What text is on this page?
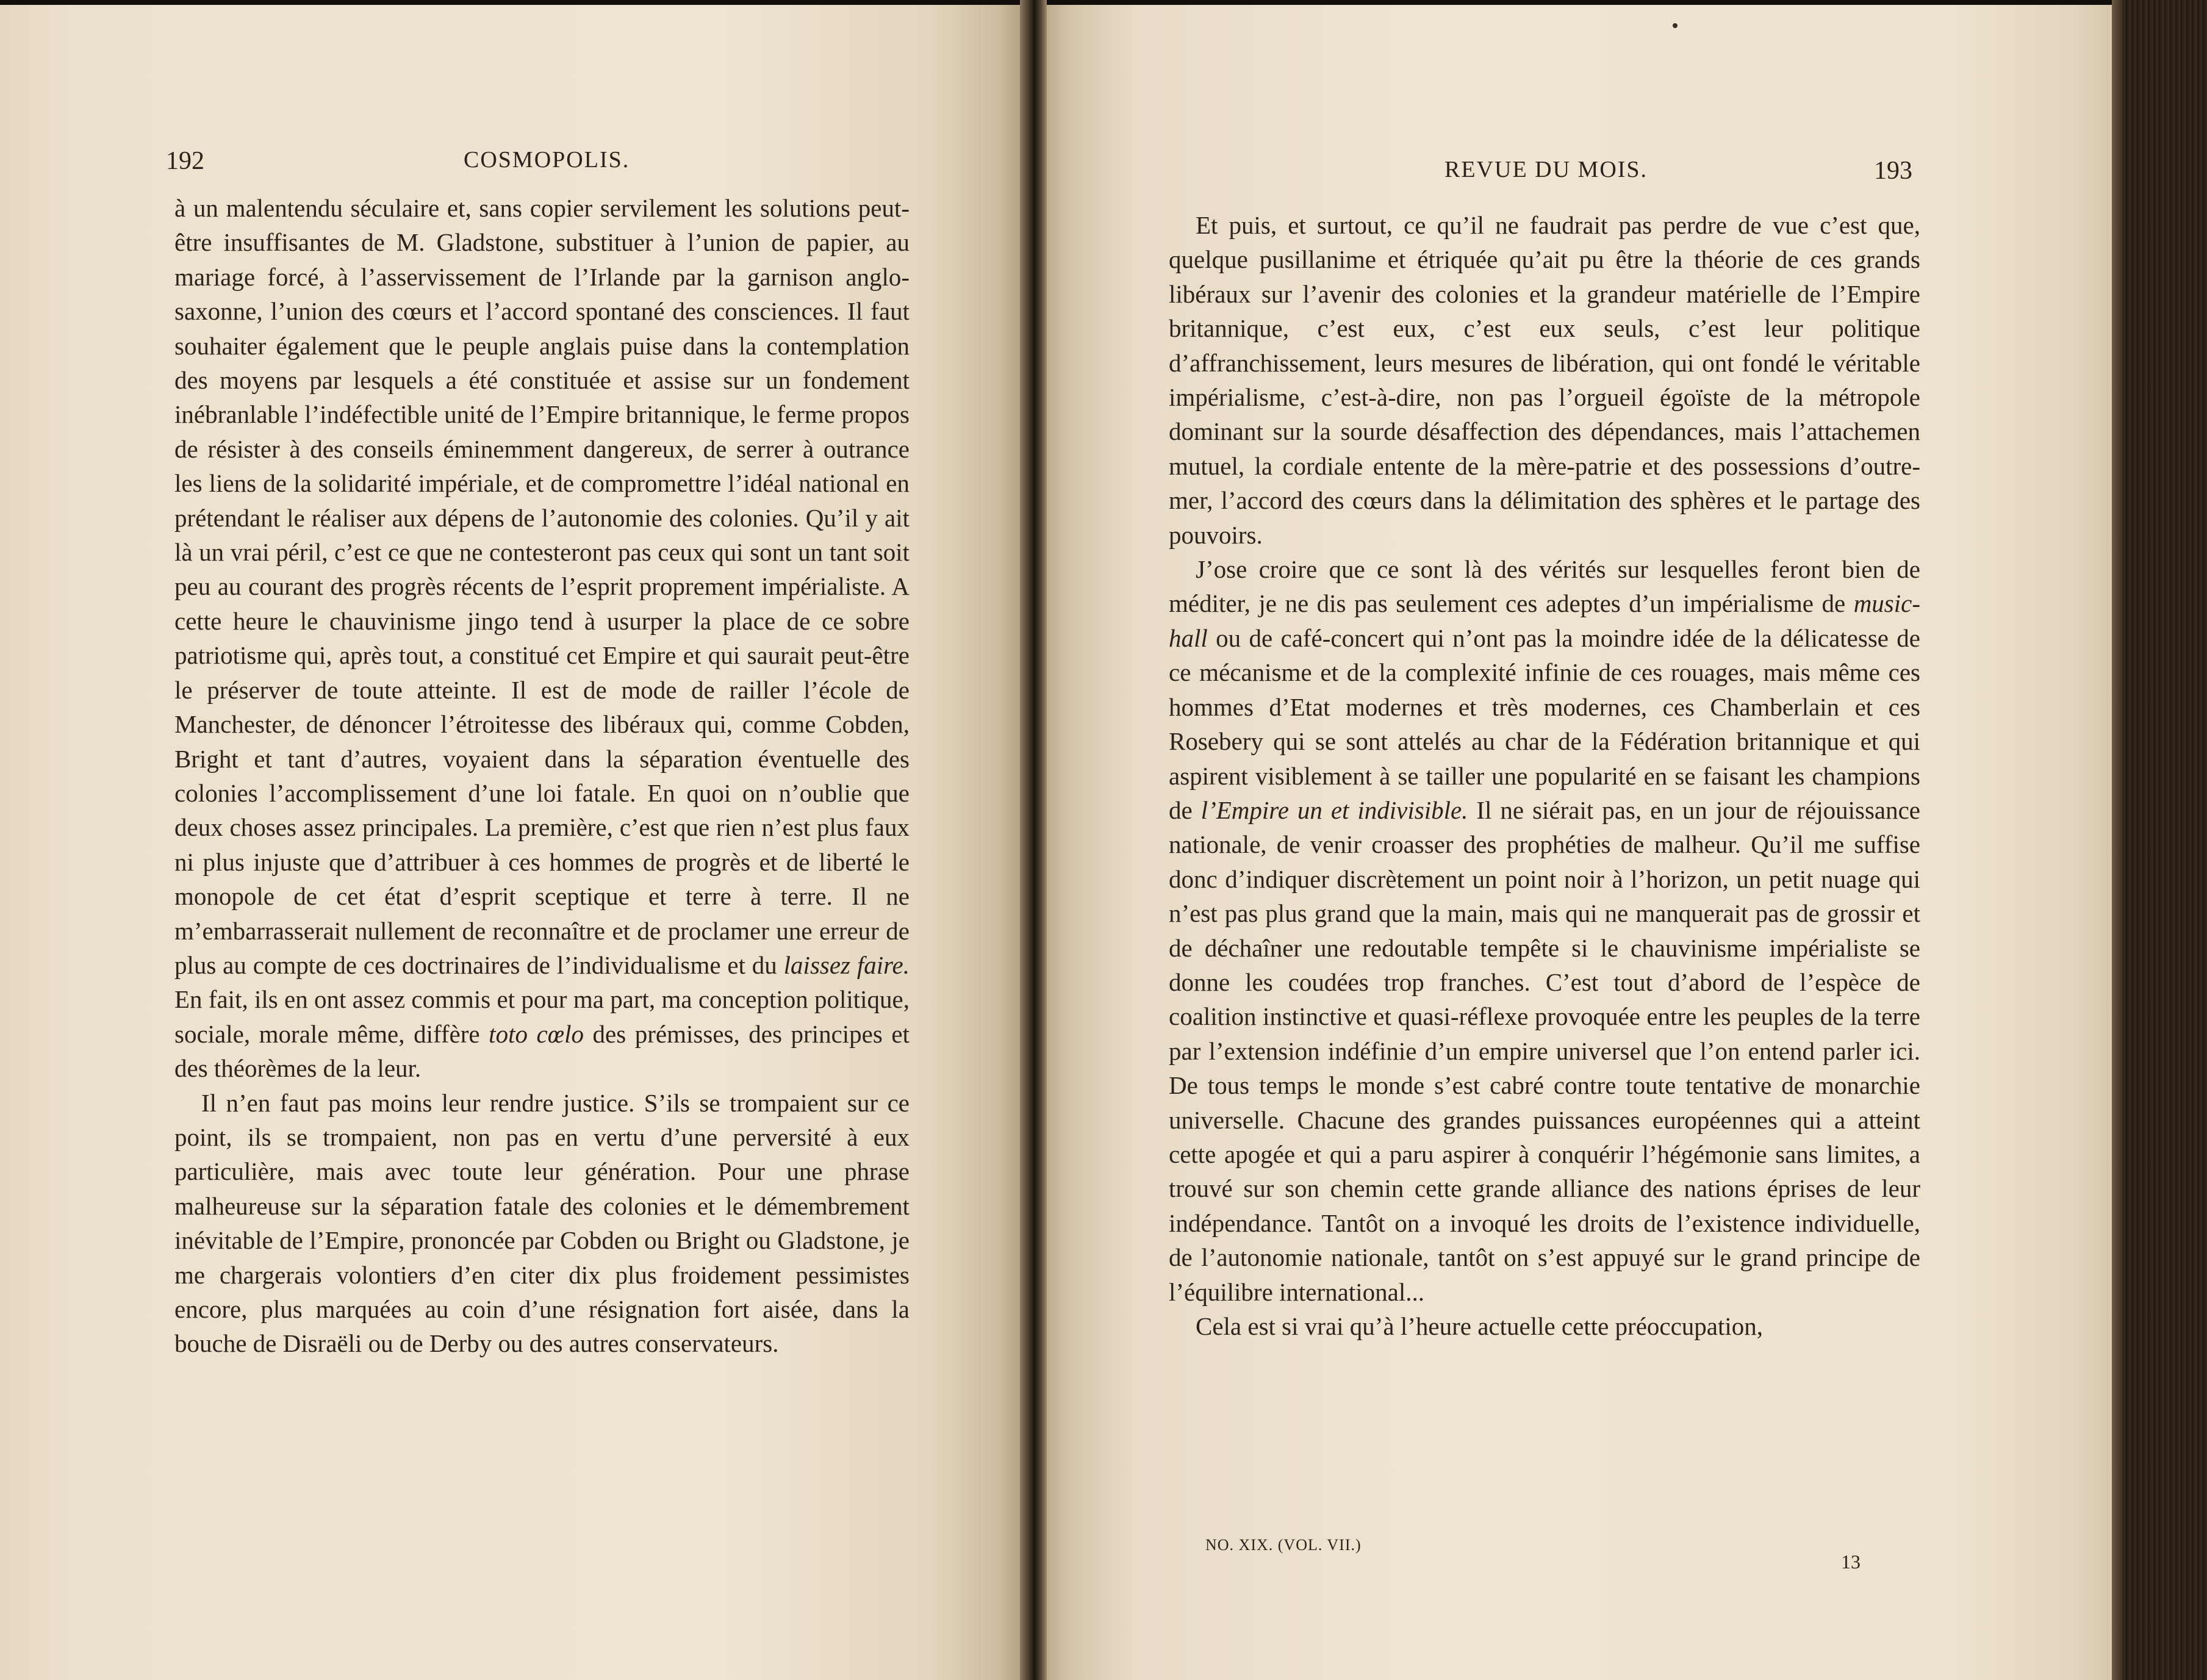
192	COSMOPOLIS.

à un malentendu séculaire et, sans copier servilement les solutions peut-être insuffisantes de M. Gladstone, substituer à l’union de papier, au mariage forcé, à l’asservissement de l’Irlande par la garnison anglo-saxonne, l’union des cœurs et l’accord spontané des consciences. Il faut souhaiter également que le peuple anglais puise dans la contemplation des moyens par lesquels a été constituée et assise sur un fondement inébranlable l’indéfectible unité de l’Empire britannique, le ferme propos de résister à des conseils éminemment dangereux, de serrer à outrance les liens de la solidarité impériale, et de compromettre l’idéal national en prétendant le réaliser aux dépens de l’autonomie des colonies. Qu’il y ait là un vrai péril, c’est ce que ne contesteront pas ceux qui sont un tant soit peu au courant des progrès récents de l’esprit proprement impérialiste. A cette heure le chauvinisme jingo tend à usurper la place de ce sobre patriotisme qui, après tout, a constitué cet Empire et qui saurait peut-être le préserver de toute atteinte. Il est de mode de railler l’école de Manchester, de dénoncer l’étroitesse des libéraux qui, comme Cobden, Bright et tant d’autres, voyaient dans la séparation éventuelle des colonies l’accomplissement d’une loi fatale. En quoi on n’oublie que deux choses assez principales. La première, c’est que rien n’est plus faux ni plus injuste que d’attribuer à ces hommes de progrès et de liberté le monopole de cet état d’esprit sceptique et terre à terre. Il ne m’embarrasserait nullement de reconnaître et de proclamer une erreur de plus au compte de ces doctrinaires de l’individualisme et du laissez faire. En fait, ils en ont assez commis et pour ma part, ma conception politique, sociale, morale même, diffère toto cœlo des prémisses, des principes et des théorèmes de la leur.

Il n’en faut pas moins leur rendre justice. S’ils se trompaient sur ce point, ils se trompaient, non pas en vertu d’une perversité à eux particulière, mais avec toute leur génération. Pour une phrase malheureuse sur la séparation fatale des colonies et le démembrement inévitable de l’Empire, prononcée par Cobden ou Bright ou Gladstone, je me chargerais volontiers d’en citer dix plus froidement pessimistes encore, plus marquées au coin d’une résignation fort aisée, dans la bouche de Disraëli ou de Derby ou des autres conservateurs.

REVUE DU MOIS.	193

Et puis, et surtout, ce qu’il ne faudrait pas perdre de vue c’est que, quelque pusillanime et étriquée qu’ait pu être la théorie de ces grands libéraux sur l’avenir des colonies et la grandeur matérielle de l’Empire britannique, c’est eux, c’est eux seuls, c’est leur politique d’affranchissement, leurs mesures de libération, qui ont fondé le véritable impérialisme, c’est-à-dire, non pas l’orgueil égoïste de la métropole dominant sur la sourde désaffection des dépendances, mais l’attachemen mutuel, la cordiale entente de la mère-patrie et des possessions d’outre-mer, l’accord des cœurs dans la délimitation des sphères et le partage des pouvoirs.

J’ose croire que ce sont là des vérités sur lesquelles feront bien de méditer, je ne dis pas seulement ces adeptes d’un impérialisme de music-hall ou de café-concert qui n’ont pas la moindre idée de la délicatesse de ce mécanisme et de la complexité infinie de ces rouages, mais même ces hommes d’Etat modernes et très modernes, ces Chamberlain et ces Rosebery qui se sont attelés au char de la Fédération britannique et qui aspirent visiblement à se tailler une popularité en se faisant les champions de l’Empire un et indivisible. Il ne siérait pas, en un jour de réjouissance nationale, de venir croasser des prophéties de malheur. Qu’il me suffise donc d’indiquer discrètement un point noir à l’horizon, un petit nuage qui n’est pas plus grand que la main, mais qui ne manquerait pas de grossir et de déchaîner une redoutable tempête si le chauvinisme impérialiste se donne les coudées trop franches. C’est tout d’abord de l’espèce de coalition instinctive et quasi-réflexe provoquée entre les peuples de la terre par l’extension indéfinie d’un empire universel que l’on entend parler ici. De tous temps le monde s’est cabré contre toute tentative de monarchie universelle. Chacune des grandes puissances européennes qui a atteint cette apogée et qui a paru aspirer à conquérir l’hégémonie sans limites, a trouvé sur son chemin cette grande alliance des nations éprises de leur indépendance. Tantôt on a invoqué les droits de l’existence individuelle, de l’autonomie nationale, tantôt on s’est appuyé sur le grand principe de l’équilibre international...

Cela est si vrai qu’à l’heure actuelle cette préoccupation,

NO. XIX. (VOL. VII.)
13
